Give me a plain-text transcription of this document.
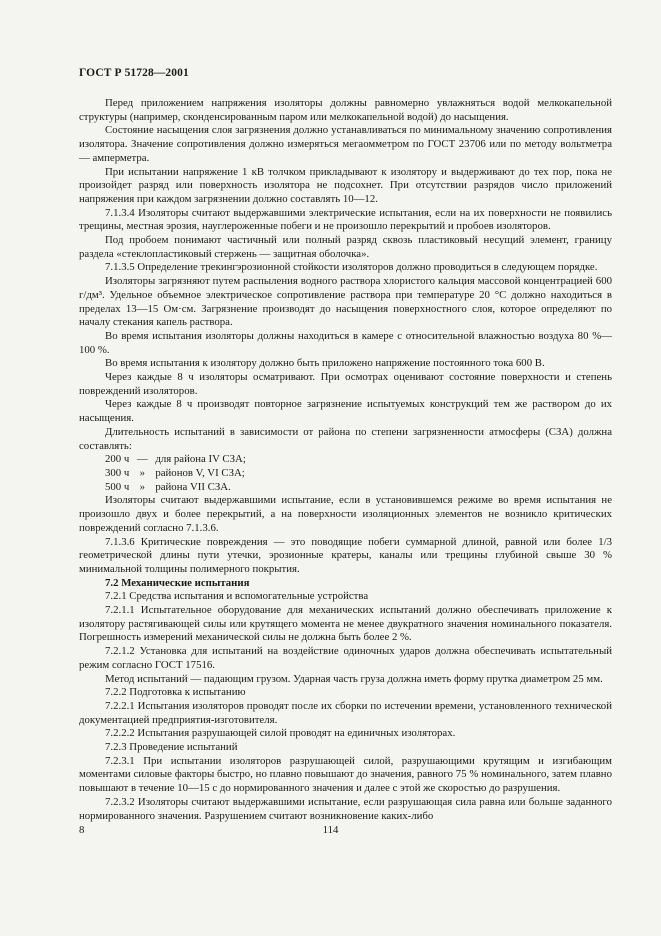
ГОСТ Р 51728—2001

Перед приложением напряжения изоляторы должны равномерно увлажняться водой мелкокапельной структуры (например, сконденсированным паром или мелкокапельной водой) до насыщения.

Состояние насыщения слоя загрязнения должно устанавливаться по минимальному значению сопротивления изолятора. Значение сопротивления должно измеряться мегаомметром по ГОСТ 23706 или по методу вольтметра — амперметра.

При испытании напряжение 1 кВ толчком прикладывают к изолятору и выдерживают до тех пор, пока не произойдет разряд или поверхность изолятора не подсохнет. При отсутствии разрядов число приложений напряжения при каждом загрязнении должно составлять 10—12.

7.1.3.4 Изоляторы считают выдержавшими электрические испытания, если на их поверхности не появились трещины, местная эрозия, науглероженные побеги и не произошло перекрытий и пробоев изоляторов.

Под пробоем понимают частичный или полный разряд сквозь пластиковый несущий элемент, границу раздела «стеклопластиковый стержень — защитная оболочка».

7.1.3.5 Определение трекингэрозионной стойкости изоляторов должно проводиться в следующем порядке.

Изоляторы загрязняют путем распыления водного раствора хлористого кальция массовой концентрацией 600 г/дм³. Удельное объемное электрическое сопротивление раствора при температуре 20 °С должно находиться в пределах 13—15 Ом·см. Загрязнение производят до насыщения поверхностного слоя, которое определяют по началу стекания капель раствора.

Во время испытания изоляторы должны находиться в камере с относительной влажностью воздуха 80 %—100 %.

Во время испытания к изолятору должно быть приложено напряжение постоянного тока 600 В.

Через каждые 8 ч изоляторы осматривают. При осмотрах оценивают состояние поверхности и степень повреждений изоляторов.

Через каждые 8 ч производят повторное загрязнение испытуемых конструкций тем же раствором до их насыщения.

Длительность испытаний в зависимости от района по степени загрязненности атмосферы (СЗА) должна составлять:

200 ч — для района IV СЗА;

300 ч » районов V, VI СЗА;

500 ч » района VII СЗА.

Изоляторы считают выдержавшими испытание, если в установившемся режиме во время испытания не произошло двух и более перекрытий, а на поверхности изоляционных элементов не возникло критических повреждений согласно 7.1.3.6.

7.1.3.6 Критические повреждения — это поводящие побеги суммарной длиной, равной или более 1/3 геометрической длины пути утечки, эрозионные кратеры, каналы или трещины глубиной свыше 30 % минимальной толщины полимерного покрытия.

7.2 Механические испытания

7.2.1 Средства испытания и вспомогательные устройства

7.2.1.1 Испытательное оборудование для механических испытаний должно обеспечивать приложение к изолятору растягивающей силы или крутящего момента не менее двукратного значения номинального показателя. Погрешность измерений механической силы не должна быть более 2 %.

7.2.1.2 Установка для испытаний на воздействие одиночных ударов должна обеспечивать испытательный режим согласно ГОСТ 17516.

Метод испытаний — падающим грузом. Ударная часть груза должна иметь форму прутка диаметром 25 мм.

7.2.2 Подготовка к испытанию

7.2.2.1 Испытания изоляторов проводят после их сборки по истечении времени, установленного технической документацией предприятия-изготовителя.

7.2.2.2 Испытания разрушающей силой проводят на единичных изоляторах.

7.2.3 Проведение испытаний

7.2.3.1 При испытании изоляторов разрушающей силой, разрушающими крутящим и изгибающим моментами силовые факторы быстро, но плавно повышают до значения, равного 75 % номинального, затем плавно повышают в течение 10—15 с до нормированного значения и далее с этой же скоростью до разрушения.

7.2.3.2 Изоляторы считают выдержавшими испытание, если разрушающая сила равна или больше заданного нормированного значения. Разрушением считают возникновение каких-либо

8	114
